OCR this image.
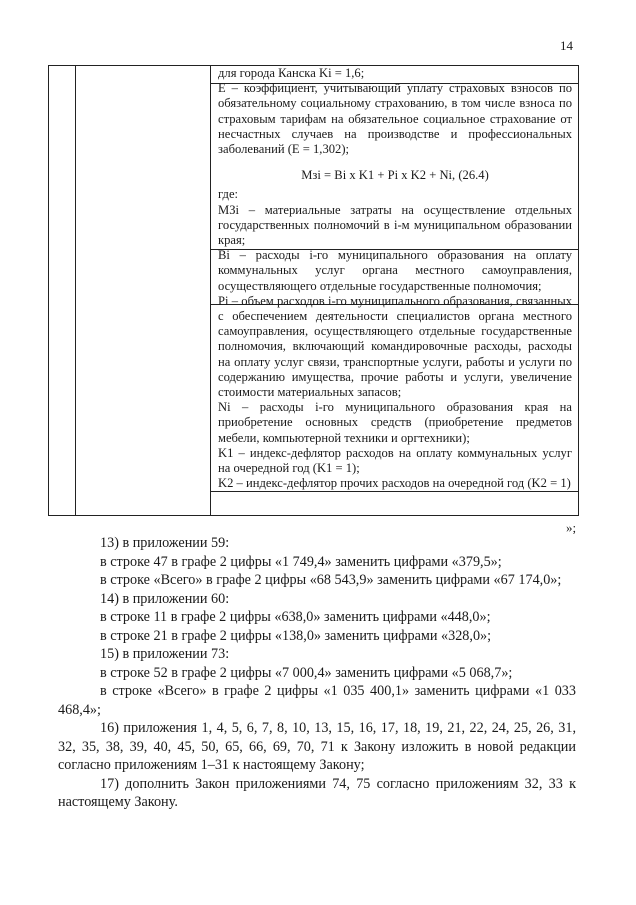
14

для города Канска Ki = 1,6;

Е – коэффициент, учитывающий уплату страховых взносов по обязательному социальному страхованию, в том числе взноса по страховым тарифам на обязательное социальное страхование от несчастных случаев на производстве и профессиональных заболеваний (Е = 1,302);

Мзi = Вi х K1 + Pi х K2 + Ni, (26.4)

где:

МЗi – материальные затраты на осуществление отдельных государственных полномочий в i-м муниципальном образовании края;

Вi – расходы i-го муниципального образования на оплату коммунальных услуг органа местного самоуправления, осуществляющего отдельные государственные полномочия;

Pi – объем расходов i-го муниципального образования, связанных с обеспечением деятельности специалистов органа местного самоуправления, осуществляющего отдельные государственные полномочия, включающий командировочные расходы, расходы на оплату услуг связи, транспортные услуги, работы и услуги по содержанию имущества, прочие работы и услуги, увеличение стоимости материальных запасов;

Ni – расходы i-го муниципального образования края на приобретение основных средств (приобретение предметов мебели, компьютерной техники и оргтехники);

K1 – индекс-дефлятор расходов на оплату коммунальных услуг на очередной год (K1 = 1);

K2 – индекс-дефлятор прочих расходов на очередной год (K2 = 1)

»;

13) в приложении 59:

в строке 47 в графе 2 цифры «1 749,4» заменить цифрами «379,5»;

в строке «Всего» в графе 2 цифры «68 543,9» заменить цифрами «67 174,0»;

14) в приложении 60:

в строке 11 в графе 2 цифры «638,0» заменить цифрами «448,0»;

в строке 21 в графе 2 цифры «138,0» заменить цифрами «328,0»;

15) в приложении 73:

в строке 52 в графе 2 цифры «7 000,4» заменить цифрами «5 068,7»;

в строке «Всего» в графе 2 цифры «1 035 400,1» заменить цифрами «1 033 468,4»;

16) приложения 1, 4, 5, 6, 7, 8, 10, 13, 15, 16, 17, 18, 19, 21, 22, 24, 25, 26, 31, 32, 35, 38, 39, 40, 45, 50, 65, 66, 69, 70, 71 к Закону изложить в новой редакции согласно приложениям 1–31 к настоящему Закону;

17) дополнить Закон приложениями 74, 75 согласно приложениям 32, 33 к настоящему Закону.
